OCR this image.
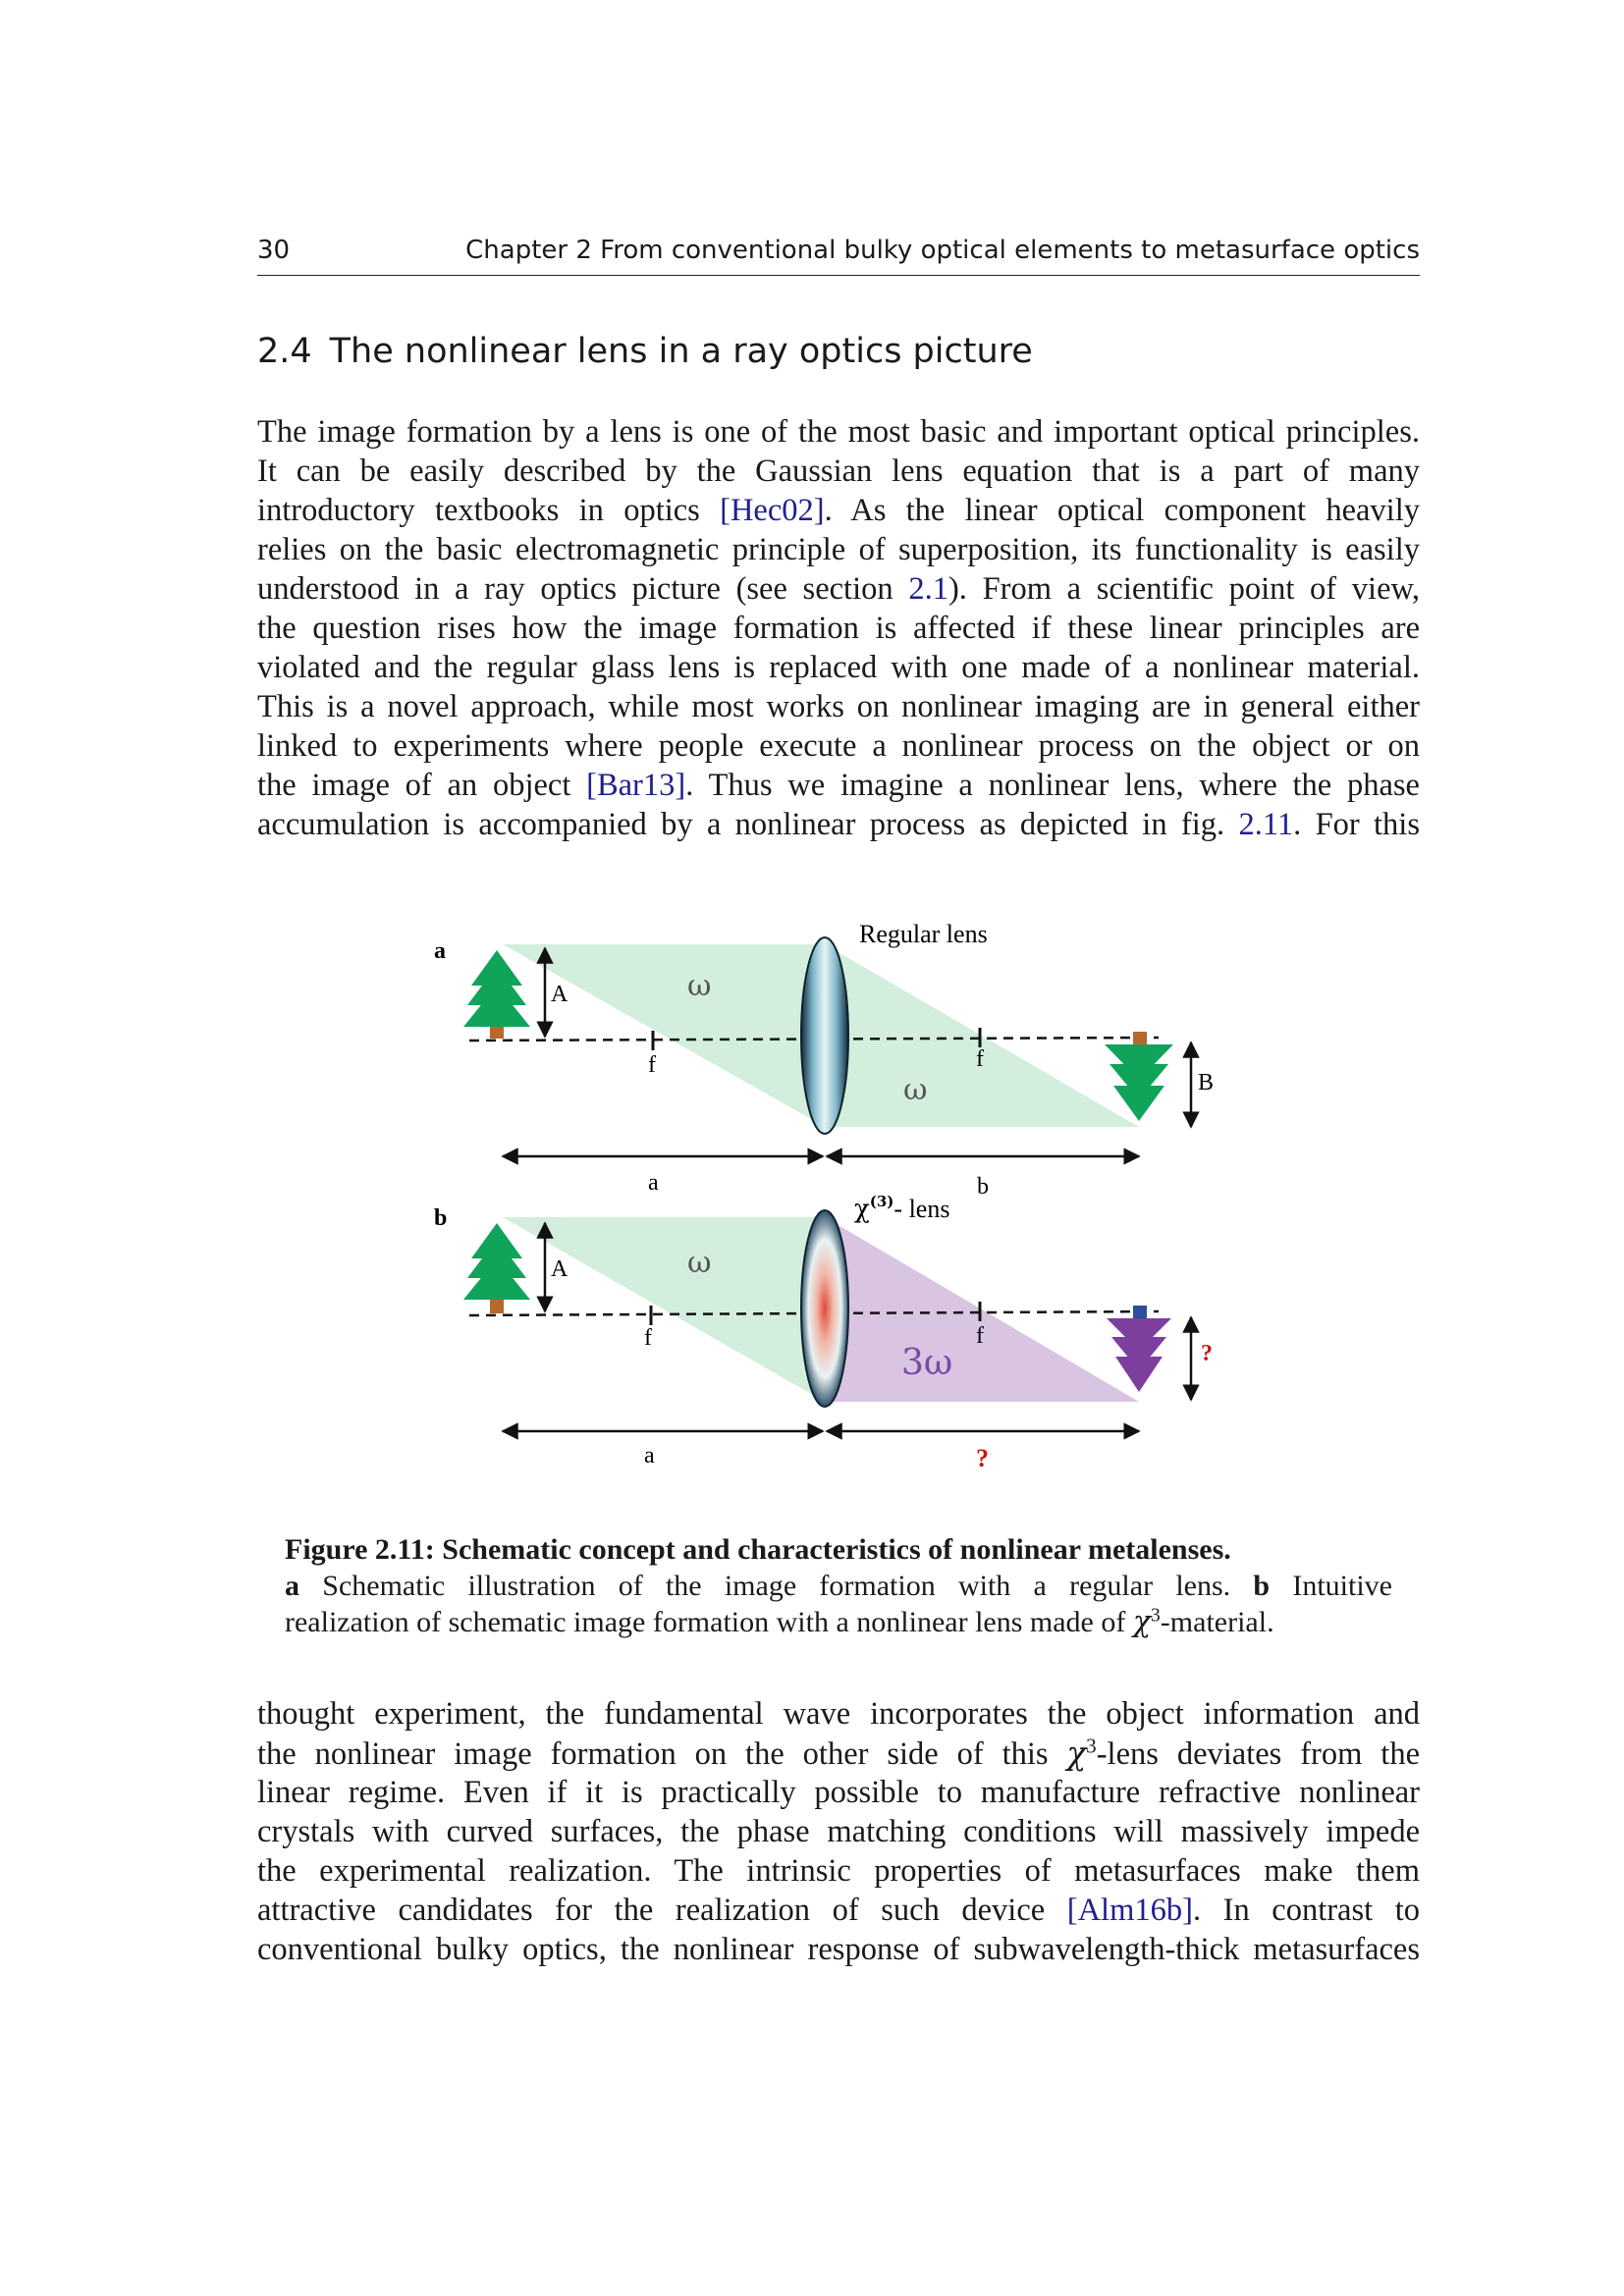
30	Chapter 2 From conventional bulky optical elements to metasurface optics
2.4 The nonlinear lens in a ray optics picture
The image formation by a lens is one of the most basic and important optical principles.
It can be easily described by the Gaussian lens equation that is a part of many
introductory textbooks in optics [Hec02]. As the linear optical component heavily
relies on the basic electromagnetic principle of superposition, its functionality is easily
understood in a ray optics picture (see section 2.1). From a scientific point of view,
the question rises how the image formation is affected if these linear principles are
violated and the regular glass lens is replaced with one made of a nonlinear material.
This is a novel approach, while most works on nonlinear imaging are in general either
linked to experiments where people execute a nonlinear process on the object or on
the image of an object [Bar13]. Thus we imagine a nonlinear lens, where the phase
accumulation is accompanied by a nonlinear process as depicted in fig. 2.11. For this
a
f	f
A	ω
ω
Regular lens
B
a	b
b
f	f
A	ω
3ω
$\chi^{(3)}-$ lens
?
a	?
Figure 2.11: Schematic concept and characteristics of nonlinear metalenses.
a Schematic illustration of the image formation with a regular lens. b Intuitive
realization of schematic image formation with a nonlinear lens made of $\chi^3$-material.
thought experiment, the fundamental wave incorporates the object information and
the nonlinear image formation on the other side of this $\chi^3$-lens deviates from the
linear regime. Even if it is practically possible to manufacture refractive nonlinear
crystals with curved surfaces, the phase matching conditions will massively impede
the experimental realization. The intrinsic properties of metasurfaces make them
attractive candidates for the realization of such device [Alm16b]. In contrast to
conventional bulky optics, the nonlinear response of subwavelength-thick metasurfaces
